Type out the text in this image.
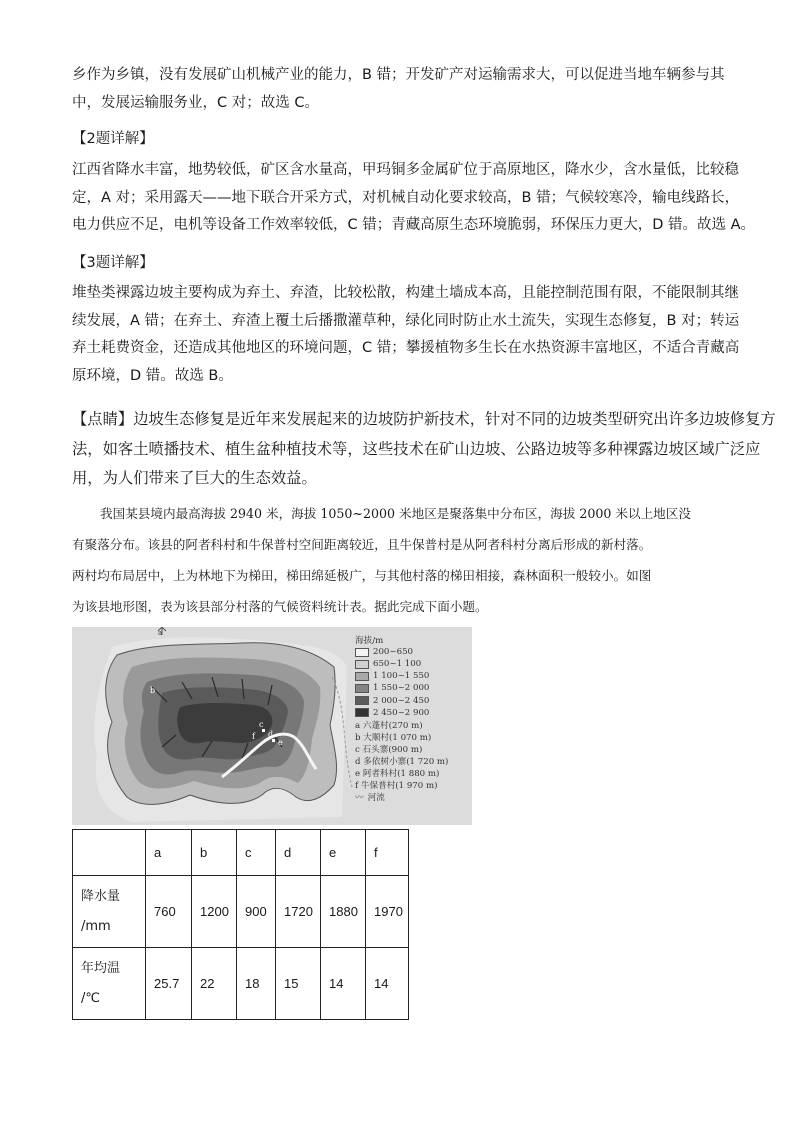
乡作为乡镇，没有发展矿山机械产业的能力，B 错；开发矿产对运输需求大，可以促进当地车辆参与其
中，发展运输服务业，C 对；故选 C。
【2题详解】
江西省降水丰富，地势较低，矿区含水量高，甲玛铜多金属矿位于高原地区，降水少，含水量低，比较稳
定，A 对；采用露天——地下联合开采方式，对机械自动化要求较高，B 错；气候较寒冷，输电线路长，
电力供应不足，电机等设备工作效率较低，C 错；青藏高原生态环境脆弱，环保压力更大，D 错。故选 A。
【3题详解】
堆垫类裸露边坡主要构成为弃土、弃渣，比较松散，构建土墙成本高，且能控制范围有限，不能限制其继
续发展，A 错；在弃土、弃渣上覆土后播撒灌草种，绿化同时防止水土流失，实现生态修复，B 对；转运
弃土耗费资金，还造成其他地区的环境问题，C 错；攀援植物多生长在水热资源丰富地区，不适合青藏高
原环境，D 错。故选 B。
【点睛】边坡生态修复是近年来发展起来的边坡防护新技术，针对不同的边坡类型研究出许多边坡修复方
法，如客土喷播技术、植生盆种植技术等，这些技术在矿山边坡、公路边坡等多种裸露边坡区域广泛应
用，为人们带来了巨大的生态效益。
我国某县境内最高海拔 2940 米，海拔 1050~2000 米地区是聚落集中分布区，海拔 2000 米以上地区没
有聚落分布。该县的阿者科村和牛保普村空间距离较近，且牛保普村是从阿者科村分离后形成的新村落。
两村均布局居中，上为林地下为梯田，梯田绵延极广，与其他村落的梯田相接，森林面积一般较小。如图
为该县地形图，表为该县部分村落的气候资料统计表。据此完成下面小题。
a
b
c
d
e
f
海拔/m
200~650
650~1 100
1 100~1 550
1 550~2 000
2 000~2 450
2 450~2 900
a 六蓬村(270 m)
b 大顺村(1 070 m)
c 石头寨(900 m)
d 多依树小寨(1 720 m)
e 阿者科村(1 880 m)
f 牛保普村(1 970 m)
〰 河流
	a	b	c	d	e	f

降水量
/mm	760	1200	900	1720	1880	1970

年均温
/℃	25.7	22	18	15	14	14
